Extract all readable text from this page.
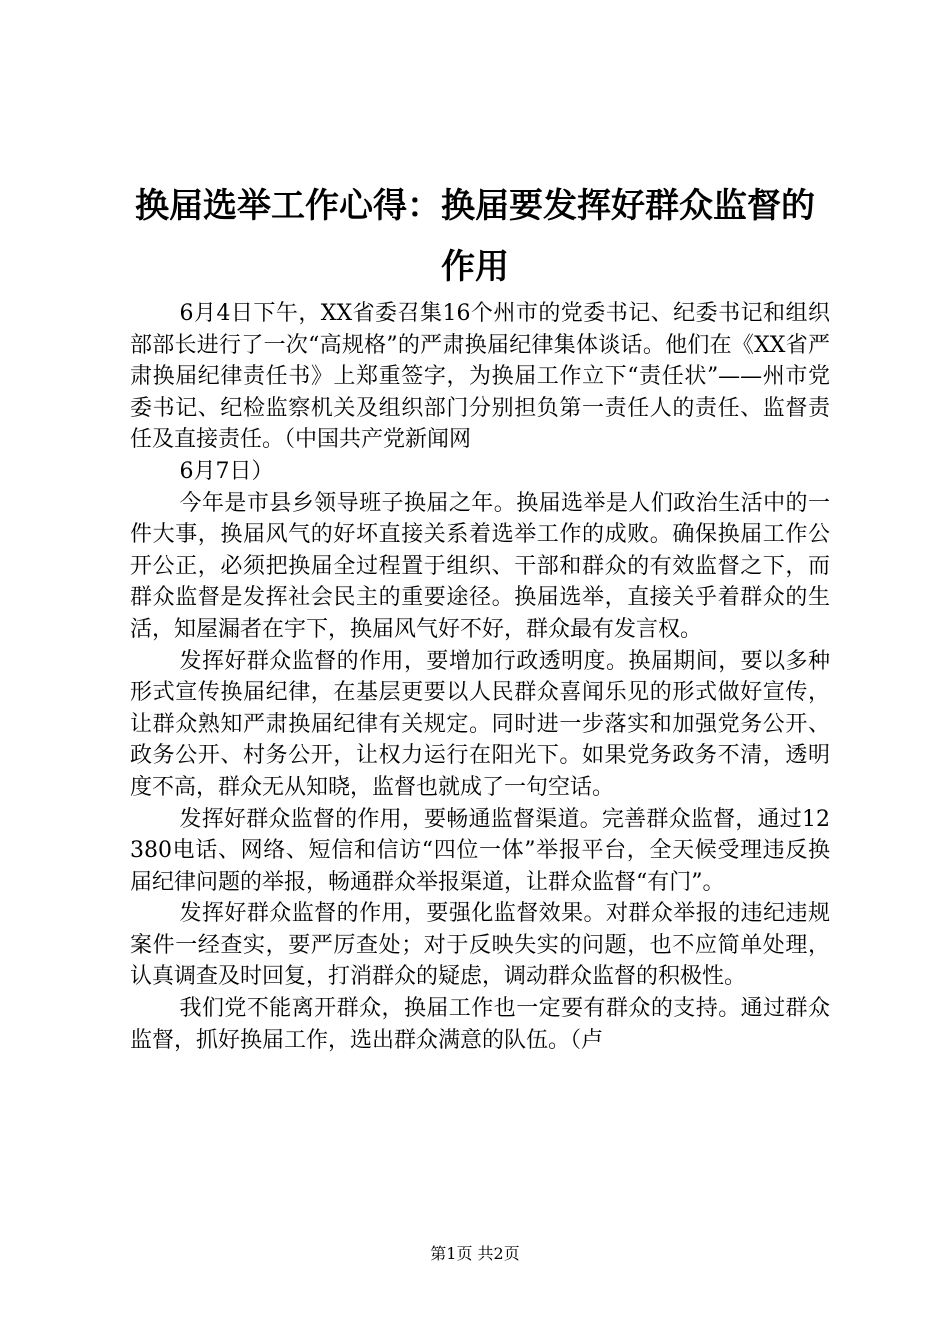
换届选举工作心得：换届要发挥好群众监督的
作用

6月4日下午，XX省委召集16个州市的党委书记、纪委书记和组织部部长进行了一次“高规格”的严肃换届纪律集体谈话。他们在《XX省严肃换届纪律责任书》上郑重签字，为换届工作立下“责任状”——州市党委书记、纪检监察机关及组织部门分别担负第一责任人的责任、监督责任及直接责任。（中国共产党新闻网

6月7日）

今年是市县乡领导班子换届之年。换届选举是人们政治生活中的一件大事，换届风气的好坏直接关系着选举工作的成败。确保换届工作公开公正，必须把换届全过程置于组织、干部和群众的有效监督之下，而群众监督是发挥社会民主的重要途径。换届选举，直接关乎着群众的生活，知屋漏者在宇下，换届风气好不好，群众最有发言权。

发挥好群众监督的作用，要增加行政透明度。换届期间，要以多种形式宣传换届纪律，在基层更要以人民群众喜闻乐见的形式做好宣传，让群众熟知严肃换届纪律有关规定。同时进一步落实和加强党务公开、政务公开、村务公开，让权力运行在阳光下。如果党务政务不清，透明度不高，群众无从知晓，监督也就成了一句空话。

发挥好群众监督的作用，要畅通监督渠道。完善群众监督，通过12380电话、网络、短信和信访“四位一体”举报平台，全天候受理违反换届纪律问题的举报，畅通群众举报渠道，让群众监督“有门”。

发挥好群众监督的作用，要强化监督效果。对群众举报的违纪违规案件一经查实，要严厉查处；对于反映失实的问题，也不应简单处理，认真调查及时回复，打消群众的疑虑，调动群众监督的积极性。

我们党不能离开群众，换届工作也一定要有群众的支持。通过群众监督，抓好换届工作，选出群众满意的队伍。（卢

第1页 共2页
